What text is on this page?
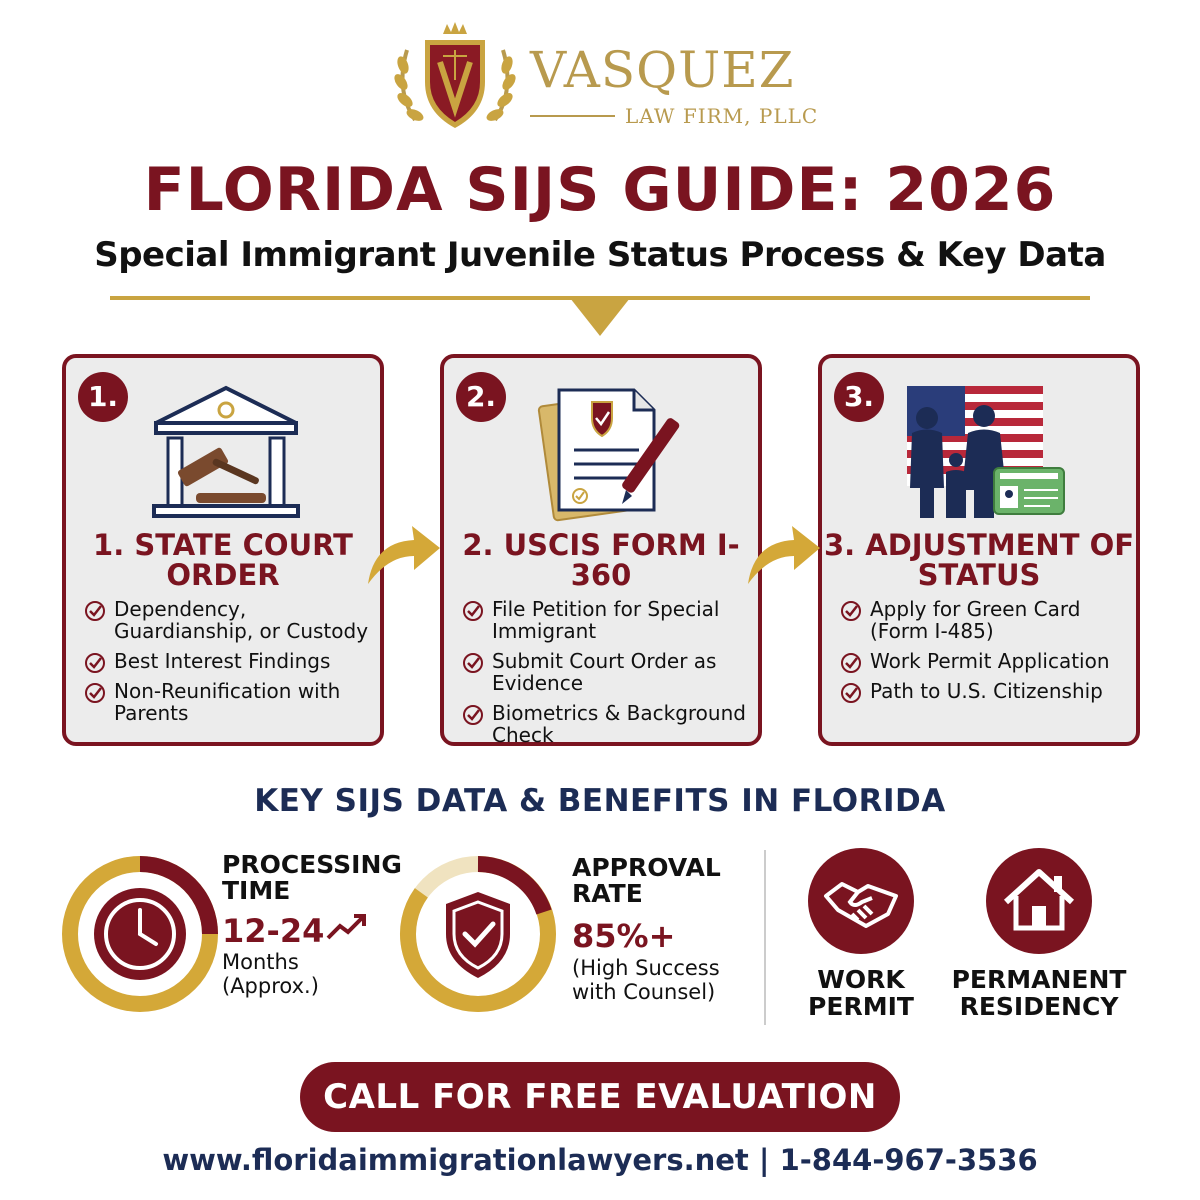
VASQUEZ
LAW FIRM, PLLC
FLORIDA SIJS GUIDE: 2026
Special Immigrant Juvenile Status Process & Key Data
1.
1. STATE COURT ORDER
Dependency, Guardianship, or Custody
Best Interest Findings
Non-Reunification with Parents
2.
2. USCIS FORM I-360
File Petition for Special Immigrant
Submit Court Order as Evidence
Biometrics & Background Check
3.
3. ADJUSTMENT OF STATUS
Apply for Green Card (Form I-485)
Work Permit Application
Path to U.S. Citizenship
KEY SIJS DATA & BENEFITS IN FLORIDA
PROCESSING TIME
12-24
Months (Approx.)
APPROVAL RATE
85%+
(High Success with Counsel)	WORK PERMIT
PERMANENT RESIDENCY
CALL FOR FREE EVALUATION
www.floridaimmigrationlawyers.net | 1-844-967-3536
